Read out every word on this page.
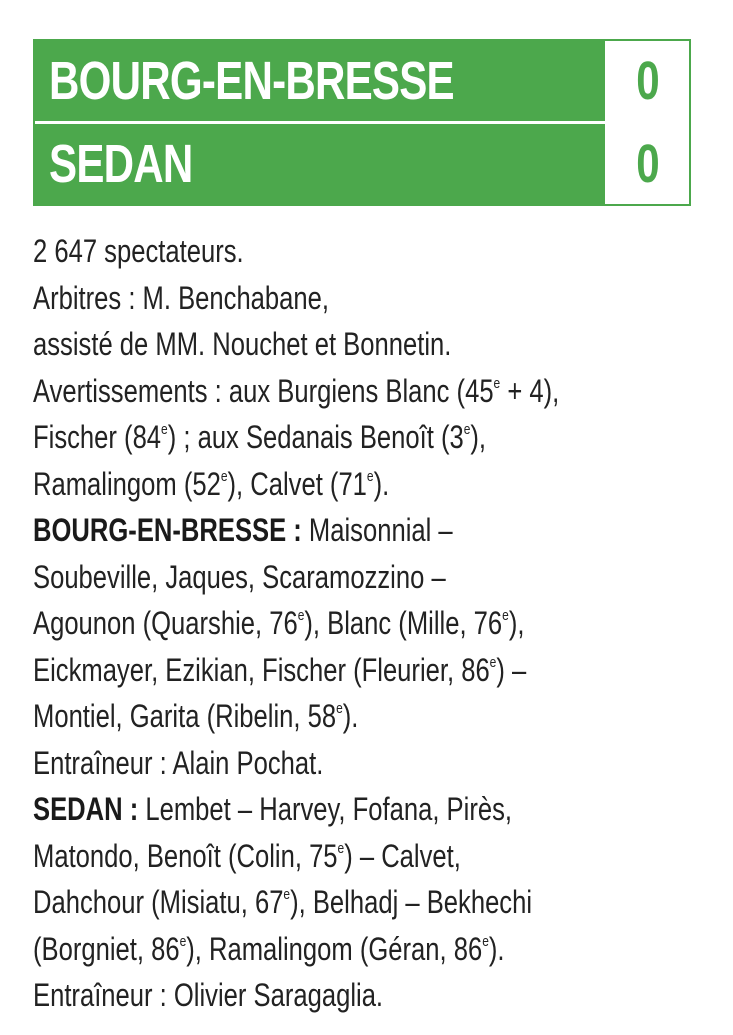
BOURG-EN-BRESSE	0
SEDAN	0
2 647 spectateurs.
Arbitres : M. Benchabane,
assisté de MM. Nouchet et Bonnetin.
Avertissements : aux Burgiens Blanc $(45^e + 4)$,
Fischer (84e) ; aux Sedanais Benoît (3e),
Ramalingom (52e), Calvet (71e).
BOURG-EN-BRESSE : Maisonnial –
Soubeville, Jaques, Scaramozzino –
Agounon (Quarshie, 76e), Blanc (Mille, 76e),
Eickmayer, Ezikian, Fischer (Fleurier, 86e) –
Montiel, Garita (Ribelin, 58e).
Entraîneur : Alain Pochat.
SEDAN : Lembet – Harvey, Fofana, Pirès,
Matondo, Benoît (Colin, 75e) – Calvet,
Dahchour (Misiatu, 67e), Belhadj – Bekhechi
(Borgniet, 86e), Ramalingom (Géran, 86e).
Entraîneur : Olivier Saragaglia.
